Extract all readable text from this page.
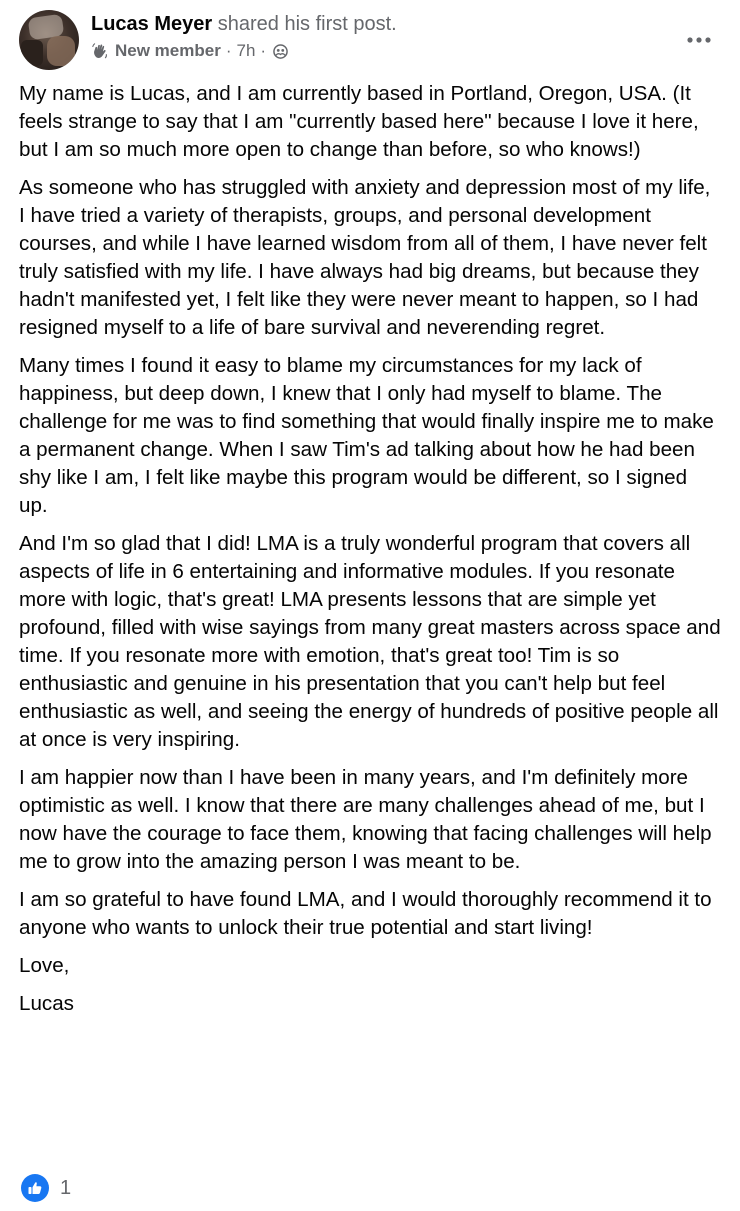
Lucas Meyer shared his first post.
New member · 7h ·

My name is Lucas, and I am currently based in Portland, Oregon, USA. (It feels strange to say that I am "currently based here" because I love it here, but I am so much more open to change than before, so who knows!)

As someone who has struggled with anxiety and depression most of my life, I have tried a variety of therapists, groups, and personal development courses, and while I have learned wisdom from all of them, I have never felt truly satisfied with my life. I have always had big dreams, but because they hadn't manifested yet, I felt like they were never meant to happen, so I had resigned myself to a life of bare survival and neverending regret.

Many times I found it easy to blame my circumstances for my lack of happiness, but deep down, I knew that I only had myself to blame. The challenge for me was to find something that would finally inspire me to make a permanent change. When I saw Tim's ad talking about how he had been shy like I am, I felt like maybe this program would be different, so I signed up.

And I'm so glad that I did! LMA is a truly wonderful program that covers all aspects of life in 6 entertaining and informative modules. If you resonate more with logic, that's great! LMA presents lessons that are simple yet profound, filled with wise sayings from many great masters across space and time. If you resonate more with emotion, that's great too! Tim is so enthusiastic and genuine in his presentation that you can't help but feel enthusiastic as well, and seeing the energy of hundreds of positive people all at once is very inspiring.

I am happier now than I have been in many years, and I'm definitely more optimistic as well. I know that there are many challenges ahead of me, but I now have the courage to face them, knowing that facing challenges will help me to grow into the amazing person I was meant to be.

I am so grateful to have found LMA, and I would thoroughly recommend it to anyone who wants to unlock their true potential and start living!

Love,

Lucas

1
